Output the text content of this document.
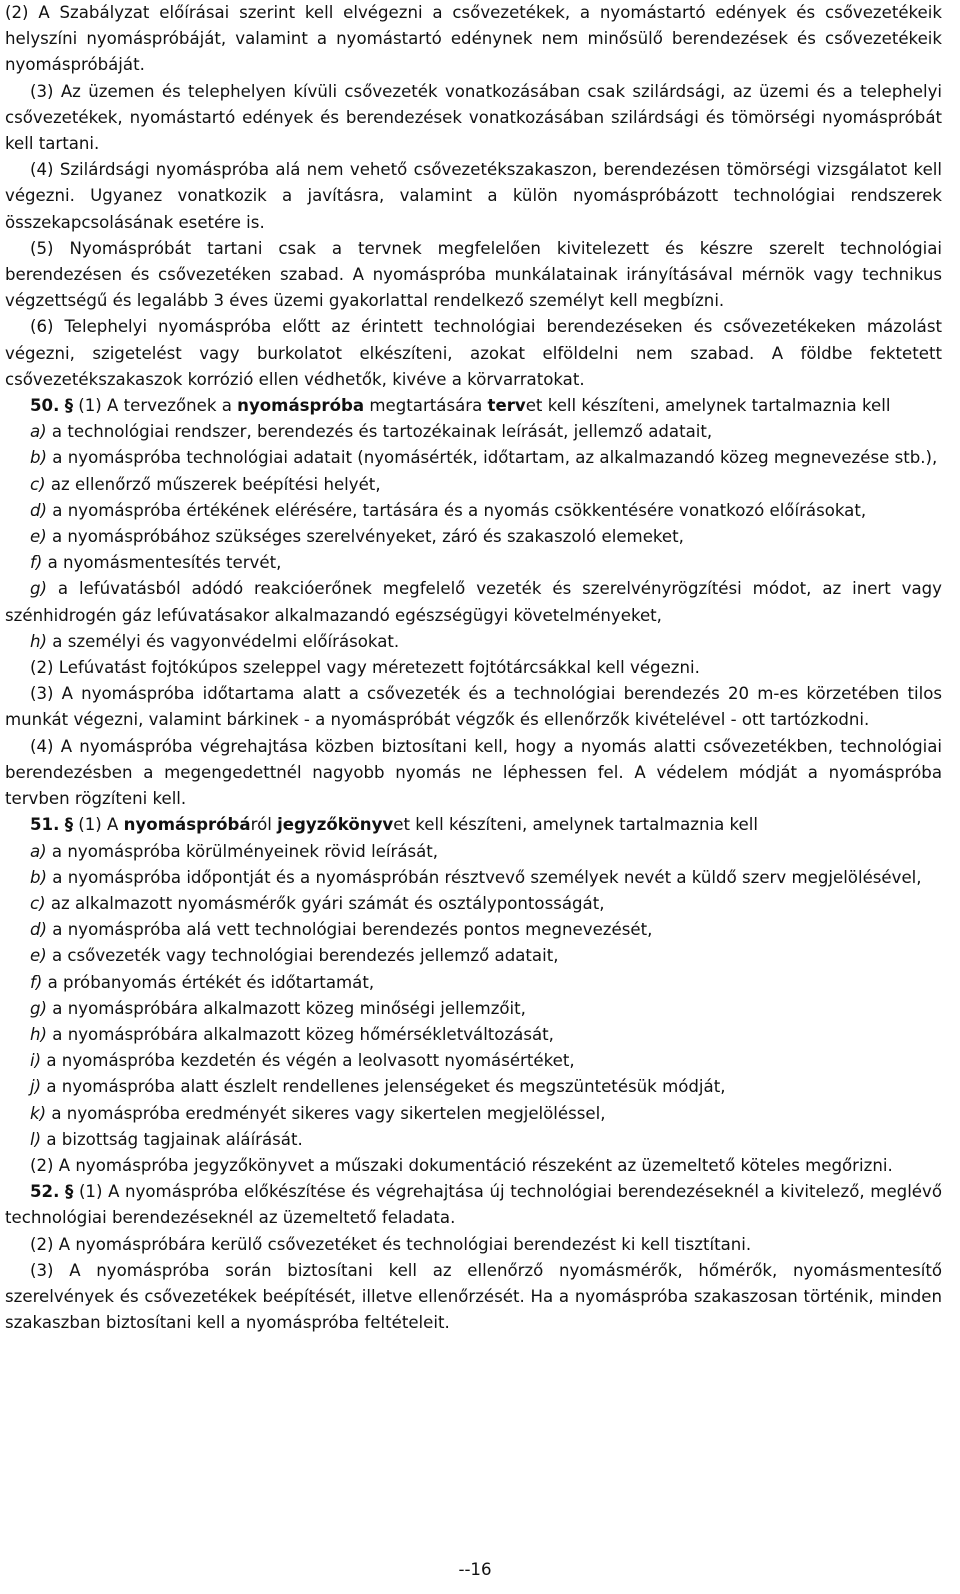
(2) A Szabályzat előírásai szerint kell elvégezni a csővezetékek, a nyomástartó edények és csővezetékeik helyszíni nyomáspróbáját, valamint a nyomástartó edénynek nem minősülő berendezések és csővezetékeik nyomáspróbáját.

(3) Az üzemen és telephelyen kívüli csővezeték vonatkozásában csak szilárdsági, az üzemi és a telephelyi csővezetékek, nyomástartó edények és berendezések vonatkozásában szilárdsági és tömörségi nyomáspróbát kell tartani.

(4) Szilárdsági nyomáspróba alá nem vehető csővezetékszakaszon, berendezésen tömörségi vizsgálatot kell végezni. Ugyanez vonatkozik a javításra, valamint a külön nyomáspróbázott technológiai rendszerek összekapcsolásának esetére is.

(5) Nyomáspróbát tartani csak a tervnek megfelelően kivitelezett és készre szerelt technológiai berendezésen és csővezetéken szabad. A nyomáspróba munkálatainak irányításával mérnök vagy technikus végzettségű és legalább 3 éves üzemi gyakorlattal rendelkező személyt kell megbízni.

(6) Telephelyi nyomáspróba előtt az érintett technológiai berendezéseken és csővezetékeken mázolást végezni, szigetelést vagy burkolatot elkészíteni, azokat elföldelni nem szabad. A földbe fektetett csővezetékszakaszok korrózió ellen védhetők, kivéve a körvarratokat.

50. § (1) A tervezőnek a nyomáspróba megtartására tervet kell készíteni, amelynek tartalmaznia kell

a) a technológiai rendszer, berendezés és tartozékainak leírását, jellemző adatait,

b) a nyomáspróba technológiai adatait (nyomásérték, időtartam, az alkalmazandó közeg megnevezése stb.),

c) az ellenőrző műszerek beépítési helyét,

d) a nyomáspróba értékének elérésére, tartására és a nyomás csökkentésére vonatkozó előírásokat,

e) a nyomáspróbához szükséges szerelvényeket, záró és szakaszoló elemeket,

f) a nyomásmentesítés tervét,

g) a lefúvatásból adódó reakcióerőnek megfelelő vezeték és szerelvényrögzítési módot, az inert vagy szénhidrogén gáz lefúvatásakor alkalmazandó egészségügyi követelményeket,

h) a személyi és vagyonvédelmi előírásokat.

(2) Lefúvatást fojtókúpos szeleppel vagy méretezett fojtótárcsákkal kell végezni.

(3) A nyomáspróba időtartama alatt a csővezeték és a technológiai berendezés 20 m-es körzetében tilos munkát végezni, valamint bárkinek - a nyomáspróbát végzők és ellenőrzők kivételével - ott tartózkodni.

(4) A nyomáspróba végrehajtása közben biztosítani kell, hogy a nyomás alatti csővezetékben, technológiai berendezésben a megengedettnél nagyobb nyomás ne léphessen fel. A védelem módját a nyomáspróba tervben rögzíteni kell.

51. § (1) A nyomáspróbáról jegyzőkönyvet kell készíteni, amelynek tartalmaznia kell

a) a nyomáspróba körülményeinek rövid leírását,

b) a nyomáspróba időpontját és a nyomáspróbán résztvevő személyek nevét a küldő szerv megjelölésével,

c) az alkalmazott nyomásmérők gyári számát és osztálypontosságát,

d) a nyomáspróba alá vett technológiai berendezés pontos megnevezését,

e) a csővezeték vagy technológiai berendezés jellemző adatait,

f) a próbanyomás értékét és időtartamát,

g) a nyomáspróbára alkalmazott közeg minőségi jellemzőit,

h) a nyomáspróbára alkalmazott közeg hőmérsékletváltozását,

i) a nyomáspróba kezdetén és végén a leolvasott nyomásértéket,

j) a nyomáspróba alatt észlelt rendellenes jelenségeket és megszüntetésük módját,

k) a nyomáspróba eredményét sikeres vagy sikertelen megjelöléssel,

l) a bizottság tagjainak aláírását.

(2) A nyomáspróba jegyzőkönyvet a műszaki dokumentáció részeként az üzemeltető köteles megőrizni.

52. § (1) A nyomáspróba előkészítése és végrehajtása új technológiai berendezéseknél a kivitelező, meglévő technológiai berendezéseknél az üzemeltető feladata.

(2) A nyomáspróbára kerülő csővezetéket és technológiai berendezést ki kell tisztítani.

(3) A nyomáspróba során biztosítani kell az ellenőrző nyomásmérők, hőmérők, nyomásmentesítő szerelvények és csővezetékek beépítését, illetve ellenőrzését. Ha a nyomáspróba szakaszosan történik, minden szakaszban biztosítani kell a nyomáspróba feltételeit.

--16
